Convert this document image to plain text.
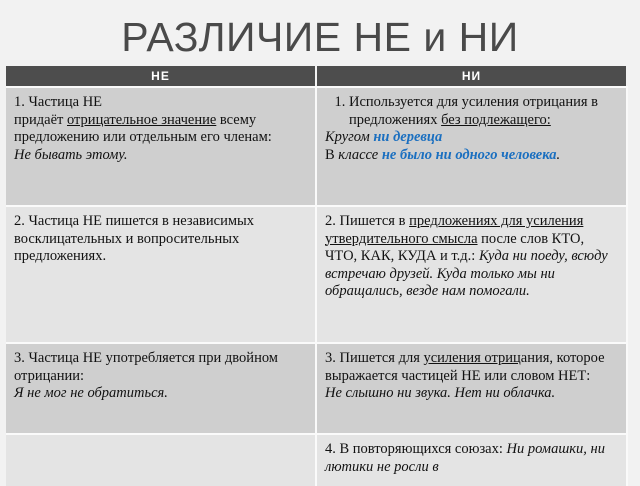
РАЗЛИЧИЕ НЕ и НИ
НЕ	НИ
1. Частица НЕ
придаёт отрицательное значение всему предложению или отдельным его членам:
Не бывать этому.
1. Используется для усиления отрицания в предложениях без подлежащего:
Кругом ни деревца
В классе не было ни одного человека.
2. Частица НЕ пишется в независимых восклицательных и вопросительных предложениях.
2. Пишется в предложениях для усиления утвердительного смысла после слов КТО, ЧТО, КАК, КУДА и т.д.: Куда ни поеду, всюду встречаю друзей. Куда только мы ни обращались, везде нам помогали.
3. Частица НЕ употребляется при двойном отрицании:
Я не мог не обратиться.
3. Пишется для усиления отрицания, которое выражается частицей НЕ или словом НЕТ:
Не слышно ни звука. Нет ни облачка.
4. В повторяющихся союзах: Ни ромашки, ни лютики не росли в
